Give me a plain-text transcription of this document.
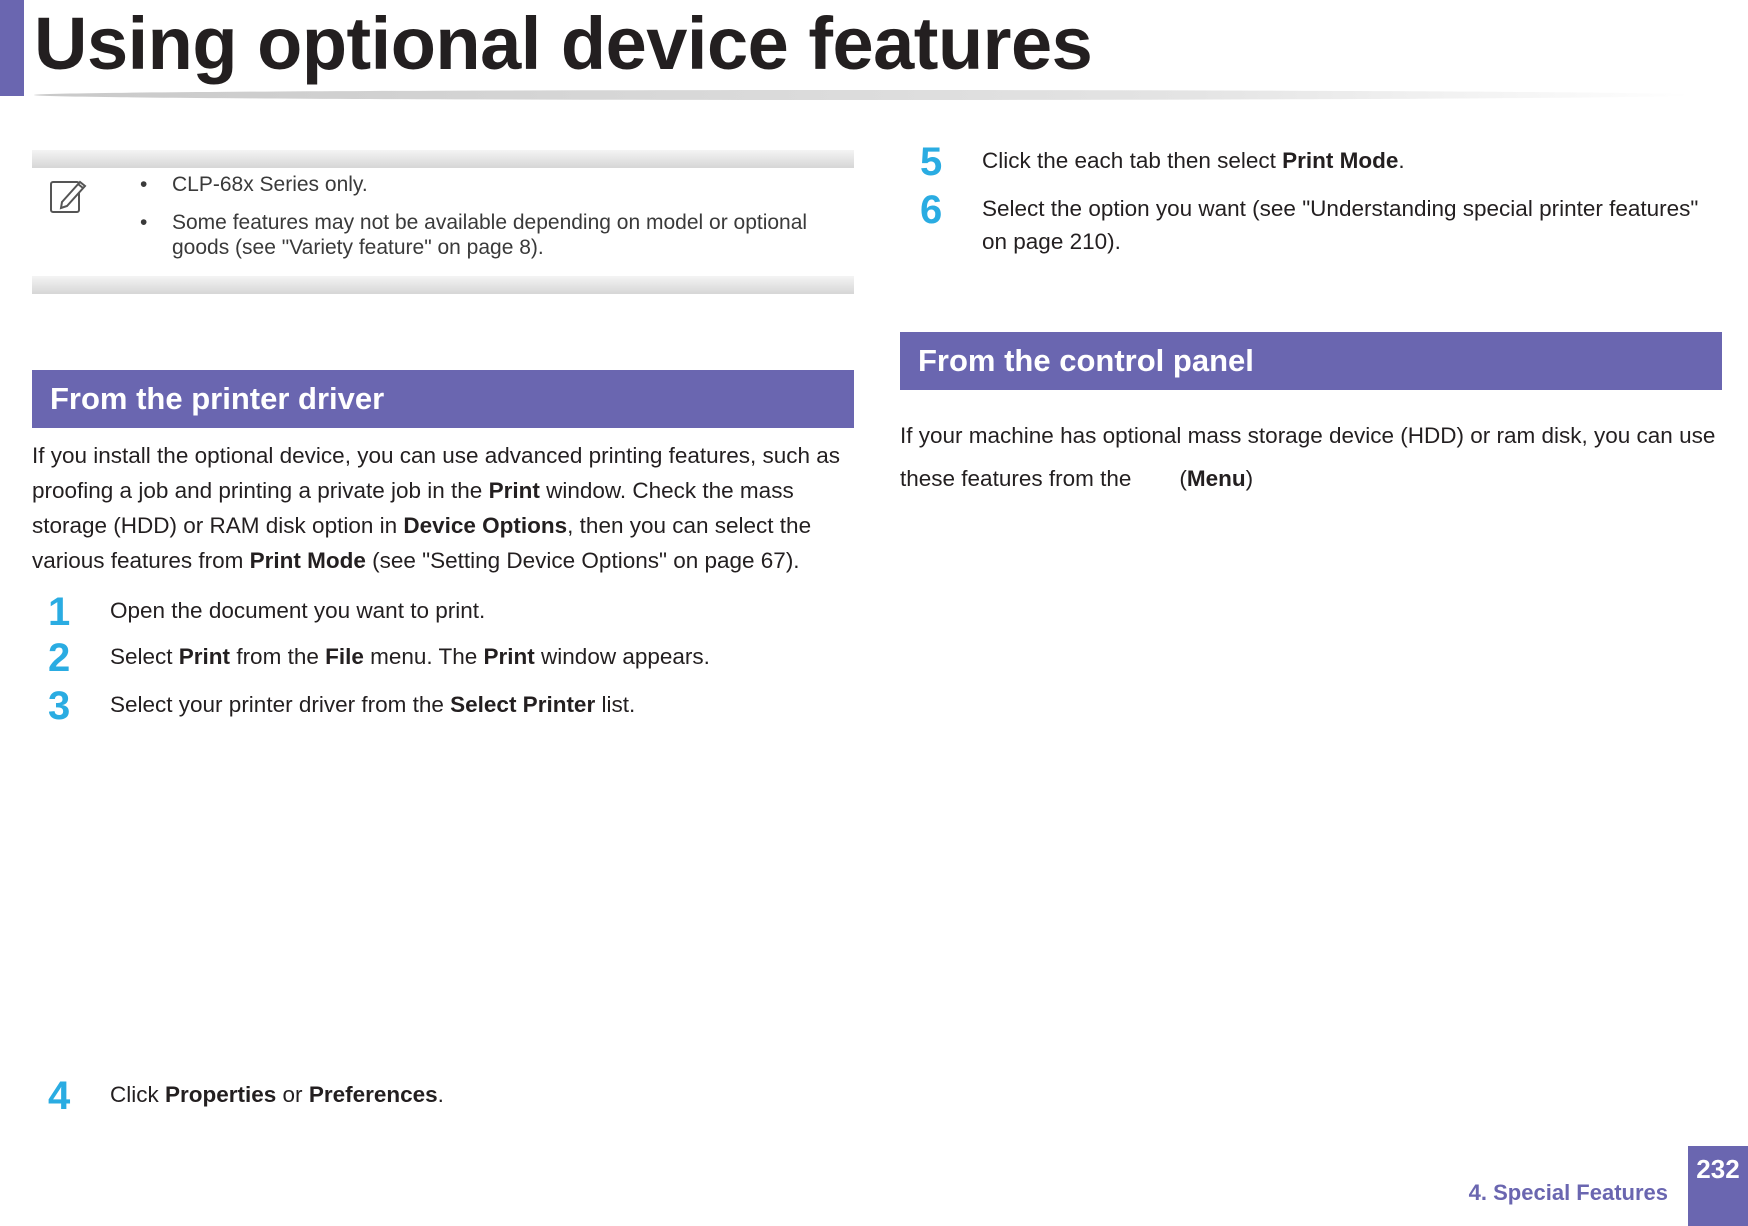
Using optional device features
• CLP-68x Series only.
• Some features may not be available depending on model or optional goods (see "Variety feature" on page 8).
From the printer driver

If you install the optional device, you can use advanced printing features, such as proofing a job and printing a private job in the Print window. Check the mass storage (HDD) or RAM disk option in Device Options, then you can select the various features from Print Mode (see "Setting Device Options" on page 67).

1	Open the document you want to print.
2	Select Print from the File menu. The Print window appears.
3	Select your printer driver from the Select Printer list.
4	Click Properties or Preferences.
5	Click the each tab then select Print Mode.
6	Select the option you want (see "Understanding special printer features"
on page 210).
From the control panel
If your machine has optional mass storage device (HDD) or ram disk, you can use
these features from the (Menu)
4. Special Features
232
